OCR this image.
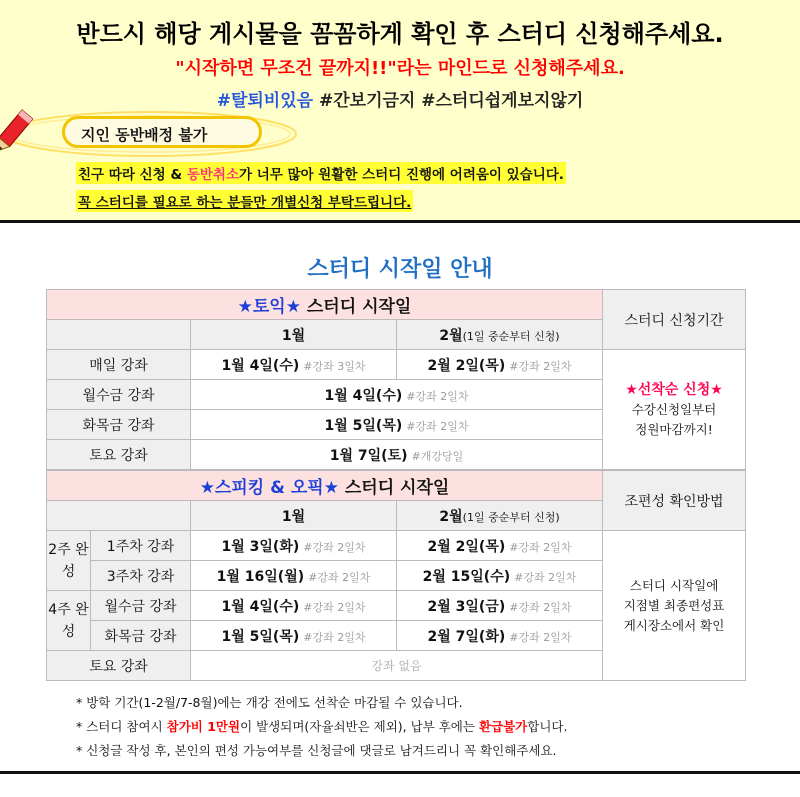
반드시 해당 게시물을 꼼꼼하게 확인 후 스터디 신청해주세요.
"시작하면 무조건 끝까지!!"라는 마인드로 신청해주세요.
#탈퇴비있음 #간보기금지 #스터디쉽게보지않기
지인 동반배정 불가
친구 따라 신청 & 동반취소가 너무 많아 원활한 스터디 진행에 어려움이 있습니다.
꼭 스터디를 필요로 하는 분들만 개별신청 부탁드립니다.
스터디 시작일 안내
★토익★ 스터디 시작일			스터디 신청기간
	1월	2월(1일 중순부터 신청)	
매일 강좌	1월 4일(수) #강좌 3일차	2월 2일(목) #강좌 2일차	★선착순 신청★
수강신청일부터
정원마감까지!

월수금 강좌	1월 4일(수) #강좌 2일차		
화목금 강좌	1월 5일(목) #강좌 2일차		
토요 강좌	1월 7일(토) #개강당일		
★스피킹 & 오픽★ 스터디 시작일				조편성 확인방법
		1월	2월(1일 중순부터 신청)	
2주 완성	1주차 강좌	1월 3일(화) #강좌 2일차	2월 2일(목) #강좌 2일차	스터디 시작일에
지점별 최종편성표
게시장소에서 확인

	3주차 강좌	1월 16일(월) #강좌 2일차	2월 15일(수) #강좌 2일차	
4주 완성	월수금 강좌	1월 4일(수) #강좌 2일차	2월 3일(금) #강좌 2일차	
	화목금 강좌	1월 5일(목) #강좌 2일차	2월 7일(화) #강좌 2일차	
토요 강좌		강좌 없음		
* 방학 기간(1-2월/7-8월)에는 개강 전에도 선착순 마감될 수 있습니다.
* 스터디 참여시 참가비 1만원이 발생되며(자율쇠반은 제외), 납부 후에는 환급불가합니다.
* 신청글 작성 후, 본인의 편성 가능여부를 신청글에 댓글로 남겨드리니 꼭 확인해주세요.
